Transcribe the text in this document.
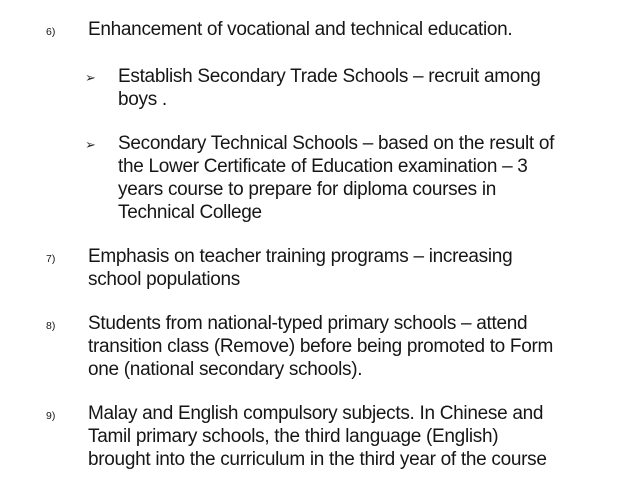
6)	Enhancement of vocational and technical education.
➢	Establish Secondary Trade Schools – recruit among
boys .
➢	Secondary Technical Schools – based on the result of
the Lower Certificate of Education examination – 3
years course to prepare for diploma courses in
Technical College
7)	Emphasis on teacher training programs – increasing
school populations
8)	Students from national-typed primary schools – attend
transition class (Remove) before being promoted to Form
one (national secondary schools).
9)	Malay and English compulsory subjects. In Chinese and
Tamil primary schools, the third language (English)
brought into the curriculum in the third year of the course
